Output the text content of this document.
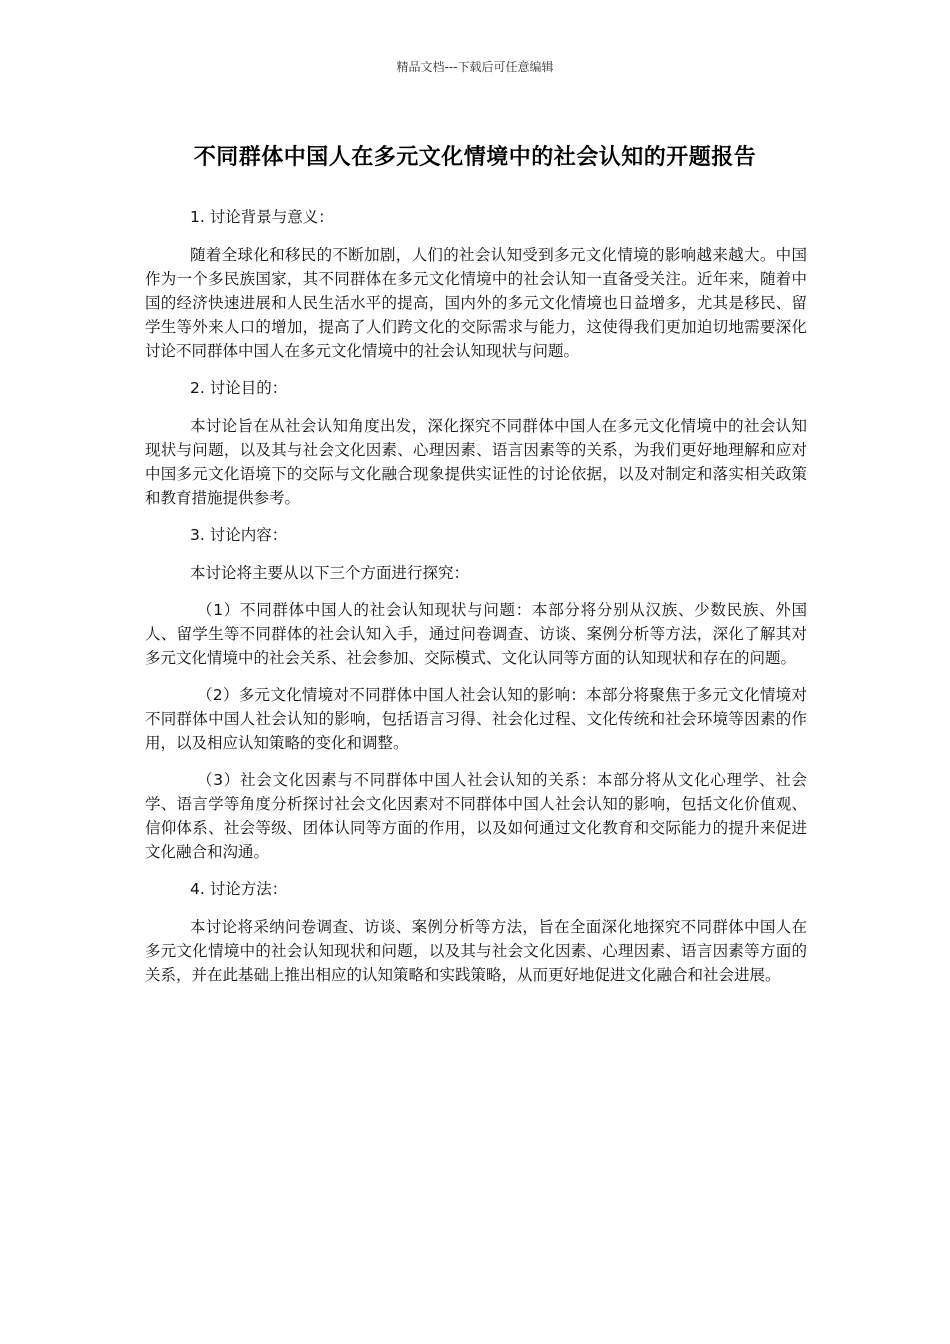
精品文档---下载后可任意编辑
不同群体中国人在多元文化情境中的社会认知的开题报告

1. 讨论背景与意义：

随着全球化和移民的不断加剧，人们的社会认知受到多元文化情境的影响越来越大。中国作为一个多民族国家，其不同群体在多元文化情境中的社会认知一直备受关注。近年来，随着中国的经济快速进展和人民生活水平的提高，国内外的多元文化情境也日益增多，尤其是移民、留学生等外来人口的增加，提高了人们跨文化的交际需求与能力，这使得我们更加迫切地需要深化讨论不同群体中国人在多元文化情境中的社会认知现状与问题。

2. 讨论目的：

本讨论旨在从社会认知角度出发，深化探究不同群体中国人在多元文化情境中的社会认知现状与问题，以及其与社会文化因素、心理因素、语言因素等的关系，为我们更好地理解和应对中国多元文化语境下的交际与文化融合现象提供实证性的讨论依据，以及对制定和落实相关政策和教育措施提供参考。

3. 讨论内容：

本讨论将主要从以下三个方面进行探究：

（1）不同群体中国人的社会认知现状与问题：本部分将分别从汉族、少数民族、外国人、留学生等不同群体的社会认知入手，通过问卷调查、访谈、案例分析等方法，深化了解其对多元文化情境中的社会关系、社会参加、交际模式、文化认同等方面的认知现状和存在的问题。

（2）多元文化情境对不同群体中国人社会认知的影响：本部分将聚焦于多元文化情境对不同群体中国人社会认知的影响，包括语言习得、社会化过程、文化传统和社会环境等因素的作用，以及相应认知策略的变化和调整。

（3）社会文化因素与不同群体中国人社会认知的关系：本部分将从文化心理学、社会学、语言学等角度分析探讨社会文化因素对不同群体中国人社会认知的影响，包括文化价值观、信仰体系、社会等级、团体认同等方面的作用，以及如何通过文化教育和交际能力的提升来促进文化融合和沟通。

4. 讨论方法：

本讨论将采纳问卷调查、访谈、案例分析等方法，旨在全面深化地探究不同群体中国人在多元文化情境中的社会认知现状和问题，以及其与社会文化因素、心理因素、语言因素等方面的关系，并在此基础上推出相应的认知策略和实践策略，从而更好地促进文化融合和社会进展。
